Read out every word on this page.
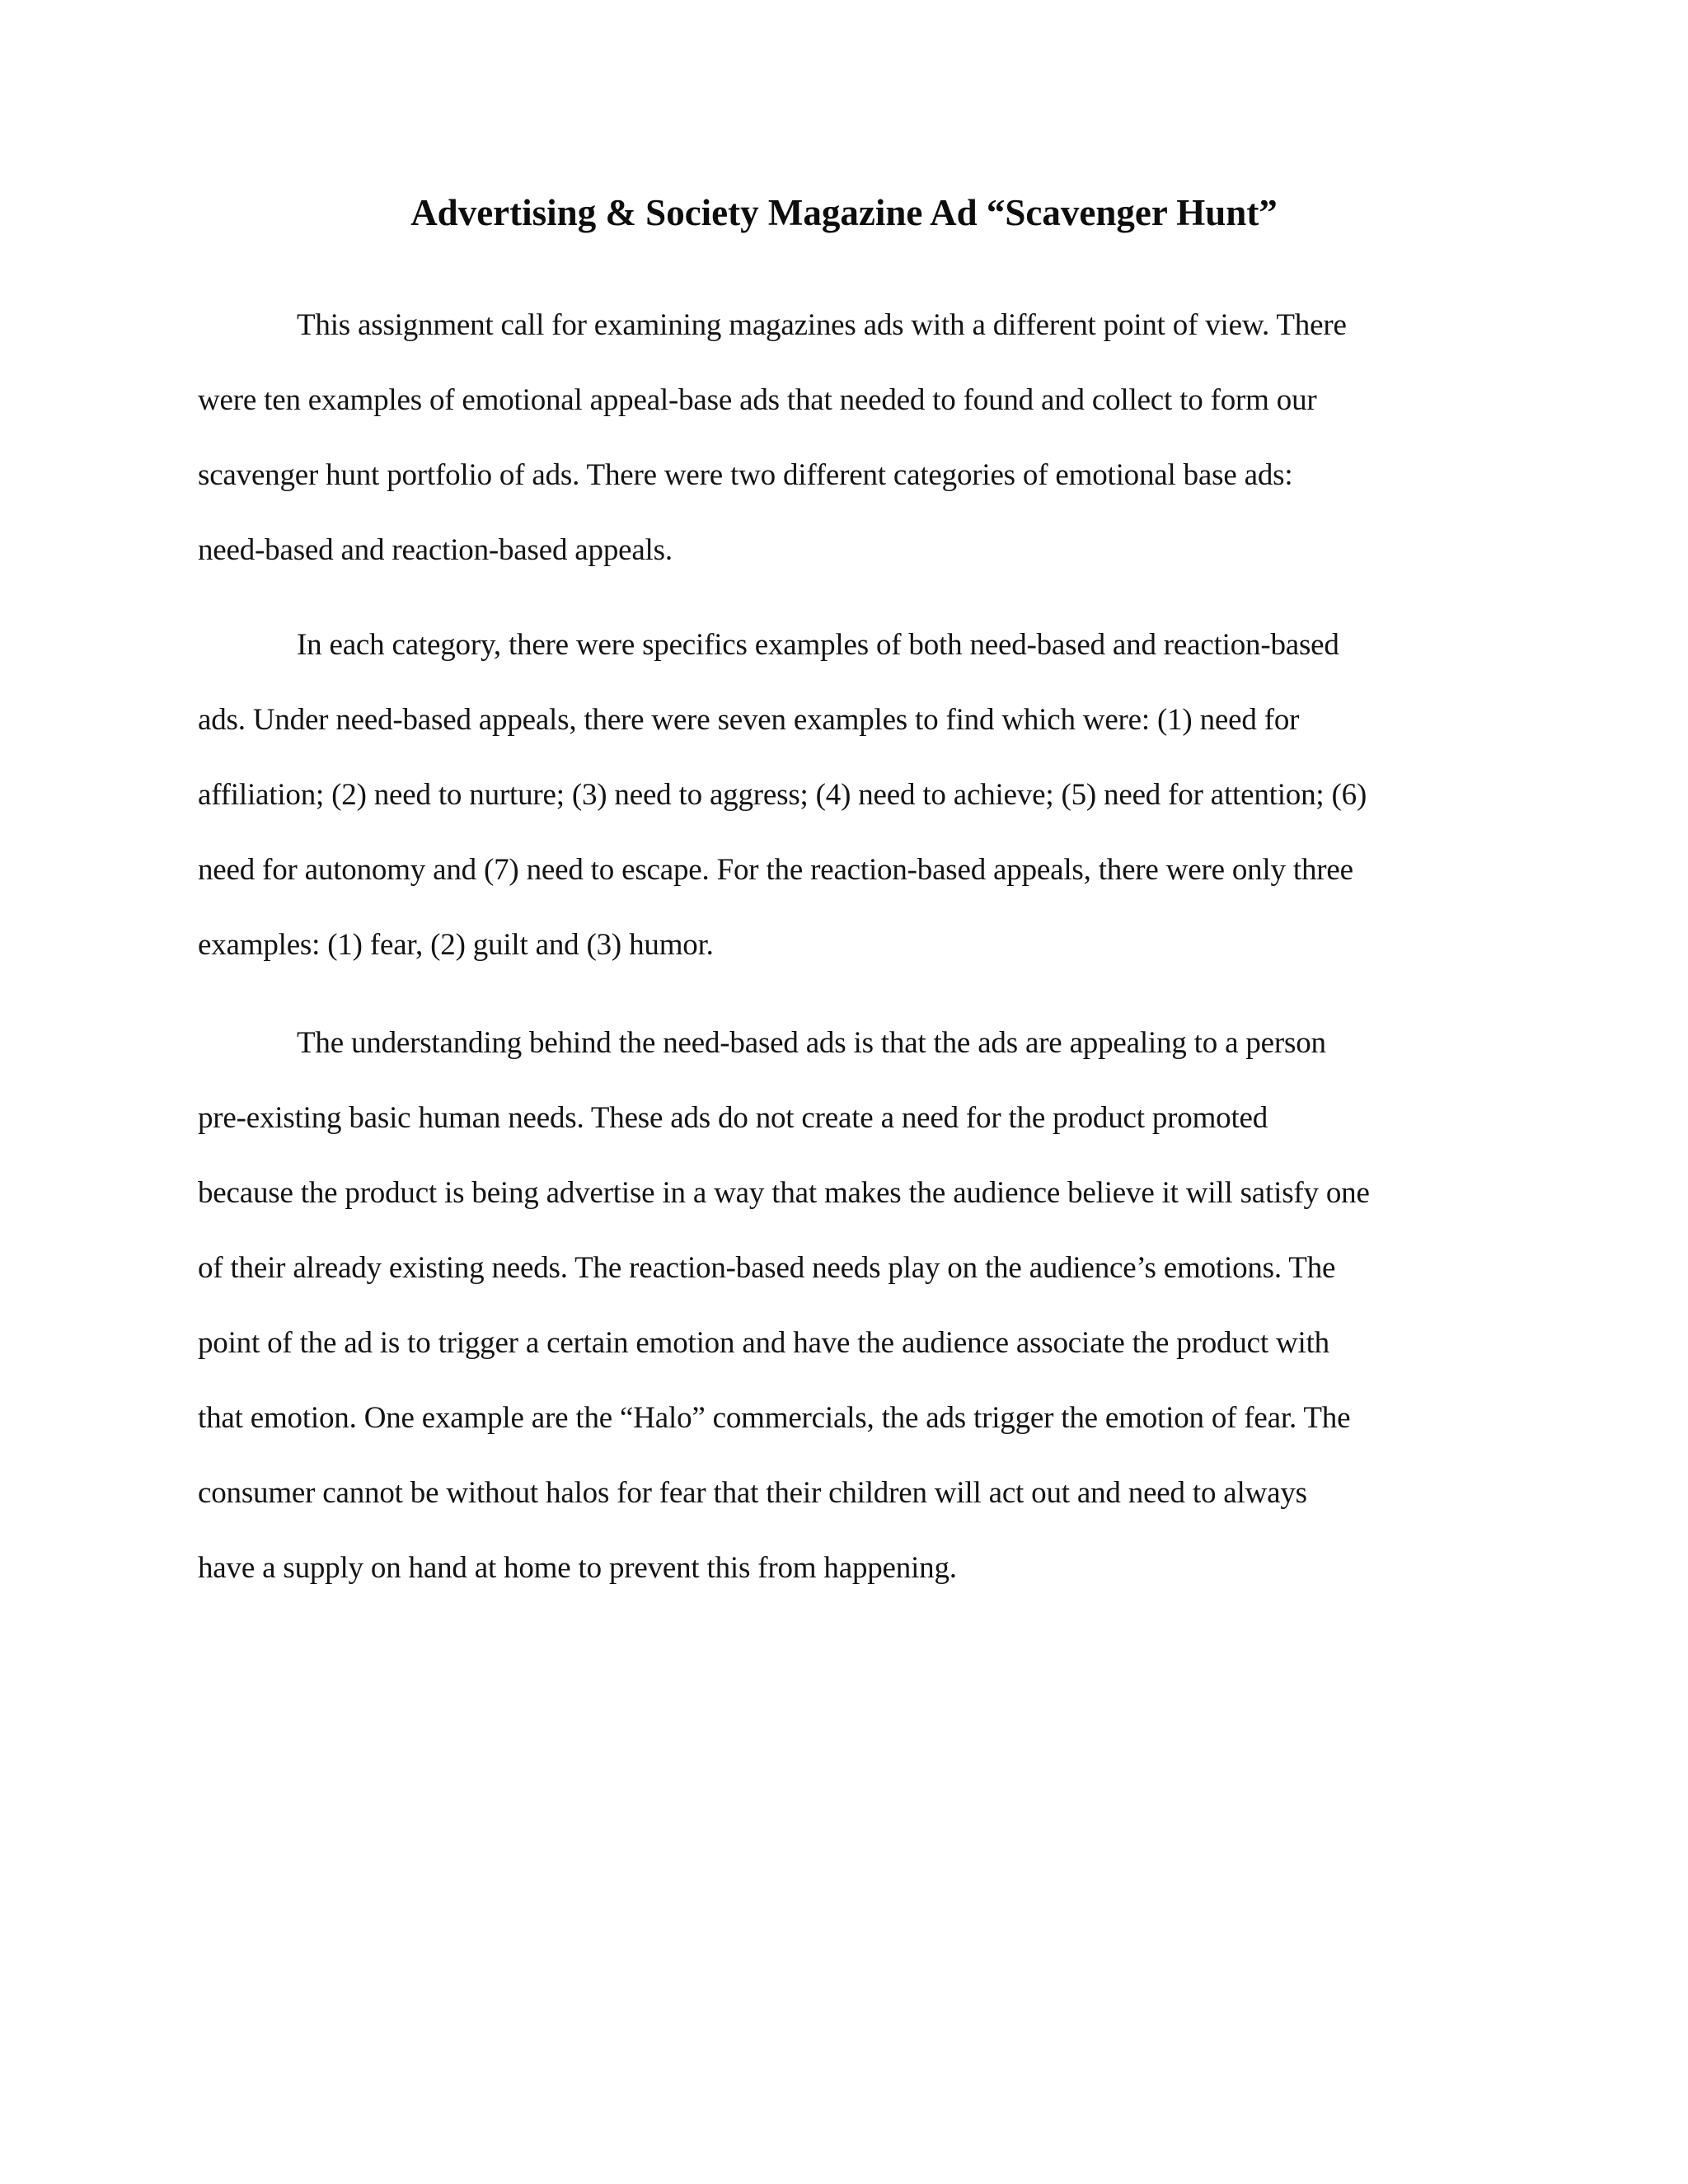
Advertising & Society Magazine Ad “Scavenger Hunt”

This assignment call for examining magazines ads with a different point of view. There

were ten examples of emotional appeal-base ads that needed to found and collect to form our

scavenger hunt portfolio of ads. There were two different categories of emotional base ads:

need-based and reaction-based appeals.

In each category, there were specifics examples of both need-based and reaction-based

ads. Under need-based appeals, there were seven examples to find which were: (1) need for

affiliation; (2) need to nurture; (3) need to aggress; (4) need to achieve; (5) need for attention; (6)

need for autonomy and (7) need to escape. For the reaction-based appeals, there were only three

examples: (1) fear, (2) guilt and (3) humor.

The understanding behind the need-based ads is that the ads are appealing to a person

pre-existing basic human needs. These ads do not create a need for the product promoted

because the product is being advertise in a way that makes the audience believe it will satisfy one

of their already existing needs. The reaction-based needs play on the audience’s emotions. The

point of the ad is to trigger a certain emotion and have the audience associate the product with

that emotion. One example are the “Halo” commercials, the ads trigger the emotion of fear. The

consumer cannot be without halos for fear that their children will act out and need to always

have a supply on hand at home to prevent this from happening.
